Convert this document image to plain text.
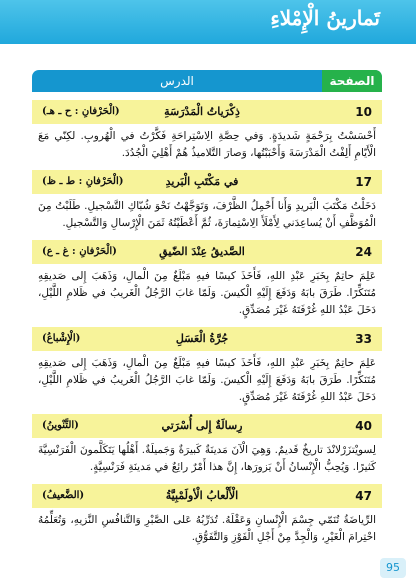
تَمارينُ الْإِمْلاءِ
الصفحة
الدرس
10
ذِكْرَياتُ الْمَدْرَسَةِ
(الْحَرْفانِ : ح ـ هـ)
أَحْسَسْتُ بِرَحْمَةٍ شَديدَةٍ. وَفي حِصَّةِ الِاسْتِراحَةِ فَكَّرْتُ في الْهُروبِ. لكِنّي مَعَ الْأَيّامِ أَلِفْتُ الْمَدْرَسَةَ وَأَحْبَبْتُها، وَصارَ التَّلاميذُ هُمْ أَهْلِيَ الْجُدُدَ.
17
في مَكْتَبِ الْبَريدِ
(الْحَرْفانِ : ط ـ ظ)
دَخَلْتُ مَكْتَبَ الْبَريدِ وَأَنا أَحْمِلُ الظَّرْفَ، وَتَوَجَّهْتُ نَحْوَ شُبّاكِ التَّسْجيلِ. طَلَبْتُ مِنَ الْمُوَظَّفِ أَنْ يُساعِدَني لِأَمْلَأَ الِاسْتِمارَةَ، ثُمَّ أَعْطَيْتُهُ ثَمَنَ الْإِرْسالِ وَالتَّسْجيلِ.
24
الصَّديقُ عِنْدَ الضّيقِ
(الْحَرْفانِ : غ ـ ع)
عَلِمَ حاتِمٌ بِخَبَرِ عَبْدِ اللهِ، فَأَخَذَ كيسًا فيهِ مَبْلَغٌ مِنَ الْمالِ، وَذَهَبَ إِلى صَديقِهِ مُتَنَكِّرًا. طَرَقَ بابَهُ وَدَفَعَ إِلَيْهِ الْكيسَ. وَلَمّا غابَ الرَّجُلُ الْغَريبُ في ظَلامِ اللَّيْلِ، دَخَلَ عَبْدُ اللهِ غُرْفَتَهُ غَيْرَ مُصَدِّقٍ.
33
جُرَّةُ الْعَسَلِ
(الْإِشْباعُ)
عَلِمَ حاتِمٌ بِخَبَرِ عَبْدِ اللهِ، فَأَخَذَ كيسًا فيهِ مَبْلَغٌ مِنَ الْمالِ، وَذَهَبَ إِلى صَديقِهِ مُتَنَكِّرًا. طَرَقَ بابَهُ وَدَفَعَ إِلَيْهِ الْكيسَ. وَلَمّا غابَ الرَّجُلُ الْغَريبُ في ظَلامِ اللَّيْلِ، دَخَلَ عَبْدُ اللهِ غُرْفَتَهُ غَيْرَ مُصَدِّقٍ.
40
رِسالَةٌ إِلى أُسْرَتي
(التَّنْوينُ)
لِسويْتزَرْلانْدَ تاريخٌ قَديمٌ. وَهِيَ الْآنَ مَدينَةٌ كَبيرَةٌ وَجَميلَةٌ. أَهْلُها يَتَكَلَّمونَ الْفَرَنْسِيَّةَ كَثيرًا. وَيُحِبُّ الْإِنْسانُ أَنْ يَزورَها، إِنَّ هذا أَمْرٌ رائِعٌ في مَدينَةِ فَرَنْسِيَّةٍ.
47
الْأَلْعابُ الْأولَمْبِيَّةُ
(الضَّعيفُ)
الرِّياضَةُ تُنَمّي جِسْمَ الْإِنْسانِ وَعَقْلَهُ. تُدَرِّبُهُ عَلى الصَّبْرِ وَالتَّنافُسِ النَّزيهِ، وَتُعَلِّمُهُ احْتِرامَ الْغَيْرِ، وَالْجِدَّ مِنْ أَجْلِ الْفَوْزِ وَالتَّفَوُّقِ.
95
